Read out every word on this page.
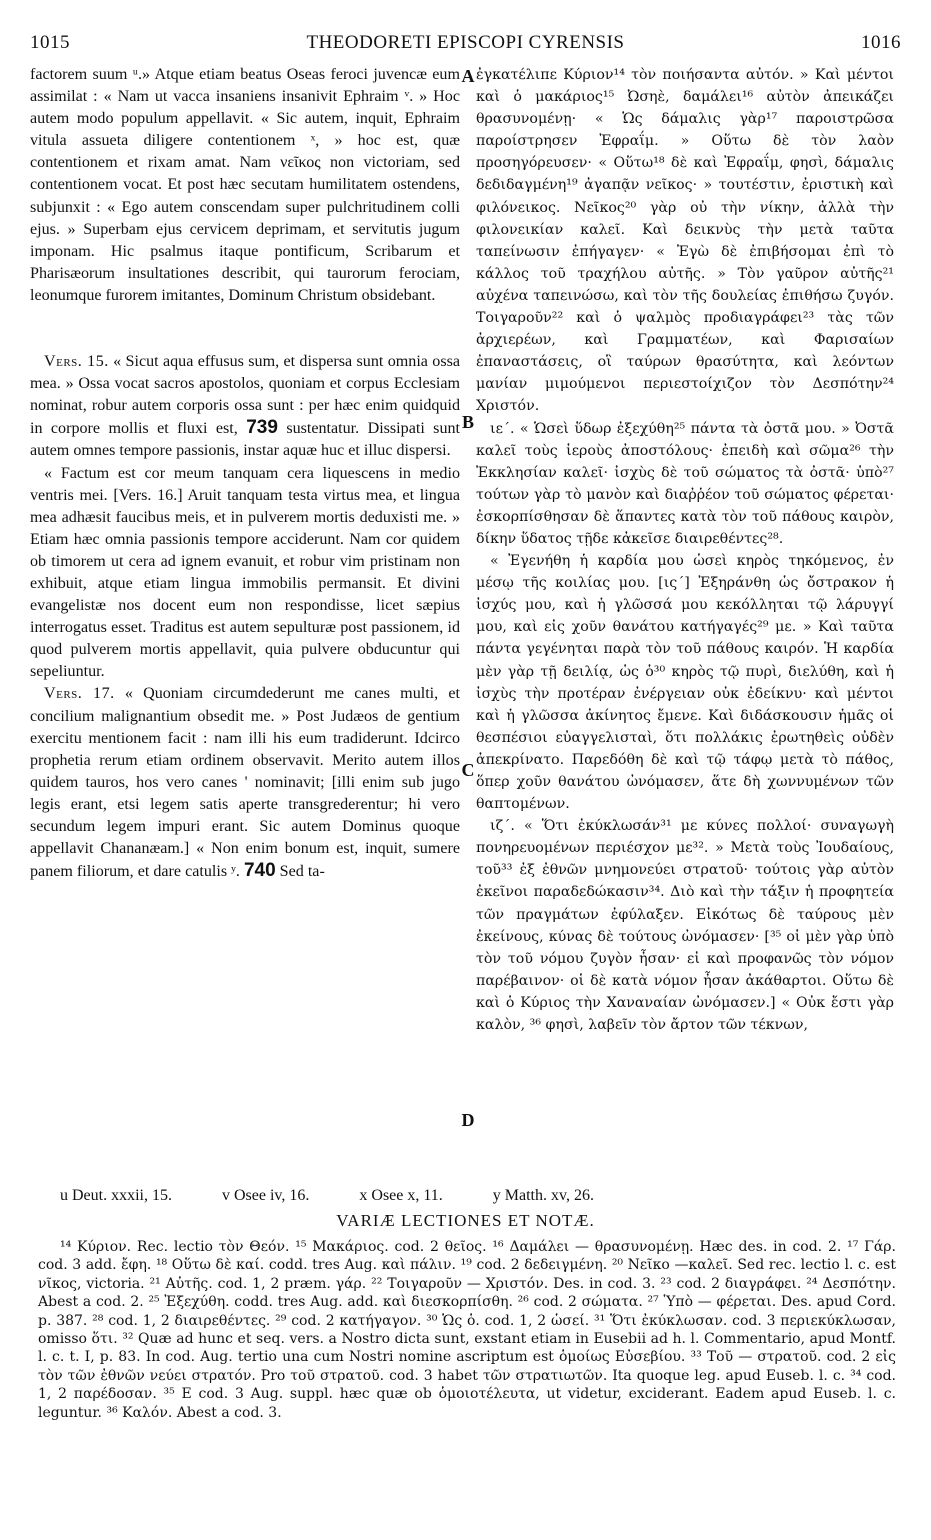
1015	THEODORETI EPISCOPI CYRENSIS	1016

factorem suum ᵘ.» Atque etiam beatus Oseas feroci juvencæ eum assimilat : « Nam ut vacca insaniens insanivit Ephraim ᵛ. » Hoc autem modo populum appellavit. « Sic autem, inquit, Ephraim vitula assueta diligere contentionem ˣ, » hoc est, quæ contentionem et rixam amat. Nam νεῖκος non victoriam, sed contentionem vocat. Et post hæc secutam humilitatem ostendens, subjunxit : « Ego autem conscendam super pulchritudinem colli ejus. » Superbam ejus cervicem deprimam, et servitutis jugum imponam. Hic psalmus itaque pontificum, Scribarum et Pharisæorum insultationes describit, qui taurorum ferociam, leonumque furorem imitantes, Dominum Christum obsidebant.

Vers. 15. « Sicut aqua effusus sum, et dispersa sunt omnia ossa mea. » Ossa vocat sacros apostolos, quoniam et corpus Ecclesiam nominat, robur autem corporis ossa sunt : per hæc enim quidquid in corpore mollis et fluxi est, 739 sustentatur. Dissipati sunt autem omnes tempore passionis, instar aquæ huc et illuc dispersi.

« Factum est cor meum tanquam cera liquescens in medio ventris mei. [Vers. 16.] Aruit tanquam testa virtus mea, et lingua mea adhæsit faucibus meis, et in pulverem mortis deduxisti me. » Etiam hæc omnia passionis tempore acciderunt. Nam cor quidem ob timorem ut cera ad ignem evanuit, et robur vim pristinam non exhibuit, atque etiam lingua immobilis permansit. Et divini evangelistæ nos docent eum non respondisse, licet sæpius interrogatus esset. Traditus est autem sepulturæ post passionem, id quod pulverem mortis appellavit, quia pulvere obducuntur qui sepeliuntur.

Vers. 17. « Quoniam circumdederunt me canes multi, et concilium malignantium obsedit me. » Post Judæos de gentium exercitu mentionem facit : nam illi his eum tradiderunt. Idcirco prophetia rerum etiam ordinem observavit. Merito autem illos quidem tauros, hos vero canes ' nominavit; [illi enim sub jugo legis erant, etsi legem satis aperte transgrederentur; hi vero secundum legem impuri erant. Sic autem Dominus quoque appellavit Chananæam.] « Non enim bonum est, inquit, sumere panem filiorum, et dare catulis ʸ. 740 Sed ta-

A
B
C
D

ἐγκατέλιπε Κύριον¹⁴ τὸν ποιήσαντα αὐτόν. » Καὶ μέντοι καὶ ὁ μακάριος¹⁵ Ὠσηὲ, δαμάλει¹⁶ αὐτὸν ἀπεικάζει θρασυνομένῃ· « Ὡς δάμαλις γὰρ¹⁷ παροιστρῶσα παροίστρησεν Ἐφραΐμ. » Οὕτω δὲ τὸν λαὸν προσηγόρευσεν· « Οὕτω¹⁸ δὲ καὶ Ἐφραΐμ, φησὶ, δάμαλις δεδιδαγμένη¹⁹ ἀγαπᾷν νεῖκος· » τουτέστιν, ἐριστικὴ καὶ φιλόνεικος. Νεῖκος²⁰ γὰρ οὐ τὴν νίκην, ἀλλὰ τὴν φιλονεικίαν καλεῖ. Καὶ δεικνὺς τὴν μετὰ ταῦτα ταπείνωσιν ἐπήγαγεν· « Ἐγὼ δὲ ἐπιβήσομαι ἐπὶ τὸ κάλλος τοῦ τραχήλου αὐτῆς. » Τὸν γαῦρον αὐτῆς²¹ αὐχένα ταπεινώσω, καὶ τὸν τῆς δουλείας ἐπιθήσω ζυγόν. Τοιγαροῦν²² καὶ ὁ ψαλμὸς προδιαγράφει²³ τὰς τῶν ἀρχιερέων, καὶ Γραμματέων, καὶ Φαρισαίων ἐπαναστάσεις, οἳ ταύρων θρασύτητα, καὶ λεόντων μανίαν μιμούμενοι περιεστοίχιζον τὸν Δεσπότην²⁴ Χριστόν.

ιε΄. « Ὡσεὶ ὕδωρ ἐξεχύθη²⁵ πάντα τὰ ὀστᾶ μου. » Ὀστᾶ καλεῖ τοὺς ἱεροὺς ἀποστόλους· ἐπειδὴ καὶ σῶμα²⁶ τὴν Ἐκκλησίαν καλεῖ· ἰσχὺς δὲ τοῦ σώματος τὰ ὀστᾶ· ὑπὸ²⁷ τούτων γὰρ τὸ μανὸν καὶ διαῤῥέον τοῦ σώματος φέρεται· ἐσκορπίσθησαν δὲ ἅπαντες κατὰ τὸν τοῦ πάθους καιρὸν, δίκην ὕδατος τῇδε κἀκεῖσε διαιρεθέντες²⁸.

« Ἐγενήθη ἡ καρδία μου ὡσεὶ κηρὸς τηκόμενος, ἐν μέσῳ τῆς κοιλίας μου. [ις΄] Ἐξηράνθη ὡς ὄστρακον ἡ ἰσχύς μου, καὶ ἡ γλῶσσά μου κεκόλληται τῷ λάρυγγί μου, καὶ εἰς χοῦν θανάτου κατήγαγές²⁹ με. » Καὶ ταῦτα πάντα γεγένηται παρὰ τὸν τοῦ πάθους καιρόν. Ἡ καρδία μὲν γὰρ τῇ δειλίᾳ, ὡς ὁ³⁰ κηρὸς τῷ πυρὶ, διελύθη, καὶ ἡ ἰσχὺς τὴν προτέραν ἐνέργειαν οὐκ ἐδείκνυ· καὶ μέντοι καὶ ἡ γλῶσσα ἀκίνητος ἔμενε. Καὶ διδάσκουσιν ἡμᾶς οἱ θεσπέσιοι εὐαγγελισταὶ, ὅτι πολλάκις ἐρωτηθεὶς οὐδὲν ἀπεκρίνατο. Παρεδόθη δὲ καὶ τῷ τάφῳ μετὰ τὸ πάθος, ὅπερ χοῦν θανάτου ὠνόμασεν, ἅτε δὴ χωννυμένων τῶν θαπτομένων.

ιζ΄. « Ὅτι ἐκύκλωσάν³¹ με κύνες πολλοί· συναγωγὴ πονηρευομένων περιέσχον με³². » Μετὰ τοὺς Ἰουδαίους, τοῦ³³ ἐξ ἐθνῶν μνημονεύει στρατοῦ· τούτοις γὰρ αὐτὸν ἐκεῖνοι παραδεδώκασιν³⁴. Διὸ καὶ τὴν τάξιν ἡ προφητεία τῶν πραγμάτων ἐφύλαξεν. Εἰκότως δὲ ταύρους μὲν ἐκείνους, κύνας δὲ τούτους ὠνόμασεν· [³⁵ οἱ μὲν γὰρ ὑπὸ τὸν τοῦ νόμου ζυγὸν ἦσαν· εἰ καὶ προφανῶς τὸν νόμον παρέβαινον· οἱ δὲ κατὰ νόμον ἦσαν ἀκάθαρτοι. Οὕτω δὲ καὶ ὁ Κύριος τὴν Χαναναίαν ὠνόμασεν.] « Οὐκ ἔστι γὰρ καλὸν, ³⁶ φησὶ, λαβεῖν τὸν ἄρτον τῶν τέκνων,

u Deut. xxxii, 15.	v Osee iv, 16.	x Osee x, 11.	y Matth. xv, 26.
VARIÆ LECTIONES ET NOTÆ.

¹⁴ Κύριον. Rec. lectio τὸν Θεόν. ¹⁵ Μακάριος. cod. 2 θεῖος. ¹⁶ Δαμάλει — θρασυνομένῃ. Hæc des. in cod. 2. ¹⁷ Γάρ. cod. 3 add. ἔφη. ¹⁸ Οὕτω δὲ καί. codd. tres Aug. καὶ πάλιν. ¹⁹ cod. 2 δεδειγμένη. ²⁰ Νεῖκο —καλεῖ. Sed rec. lectio l. c. est νῖκος, victoria. ²¹ Αὐτῆς. cod. 1, 2 præm. γάρ. ²² Τοιγαροῦν — Χριστόν. Des. in cod. 3. ²³ cod. 2 διαγράφει. ²⁴ Δεσπότην. Abest a cod. 2. ²⁵ Ἐξεχύθη. codd. tres Aug. add. καὶ διεσκορπίσθη. ²⁶ cod. 2 σώματα. ²⁷ Ὑπὸ — φέρεται. Des. apud Cord. p. 387. ²⁸ cod. 1, 2 διαιρεθέντες. ²⁹ cod. 2 κατήγαγον. ³⁰ Ὡς ὁ. cod. 1, 2 ὡσεί. ³¹ Ὅτι ἐκύκλωσαν. cod. 3 περιεκύκλωσαν, omisso ὅτι. ³² Quæ ad hunc et seq. vers. a Nostro dicta sunt, exstant etiam in Eusebii ad h. l. Commentario, apud Montf. l. c. t. I, p. 83. In cod. Aug. tertio una cum Nostri nomine ascriptum est ὁμοίως Εὐσεβίου. ³³ Τοῦ — στρατοῦ. cod. 2 εἰς τὸν τῶν ἐθνῶν νεύει στρατόν. Pro τοῦ στρατοῦ. cod. 3 habet τῶν στρατιωτῶν. Ita quoque leg. apud Euseb. l. c. ³⁴ cod. 1, 2 παρέδοσαν. ³⁵ E cod. 3 Aug. suppl. hæc quæ ob ὁμοιοτέλευτα, ut videtur, exciderant. Eadem apud Euseb. l. c. leguntur. ³⁶ Καλόν. Abest a cod. 3.
